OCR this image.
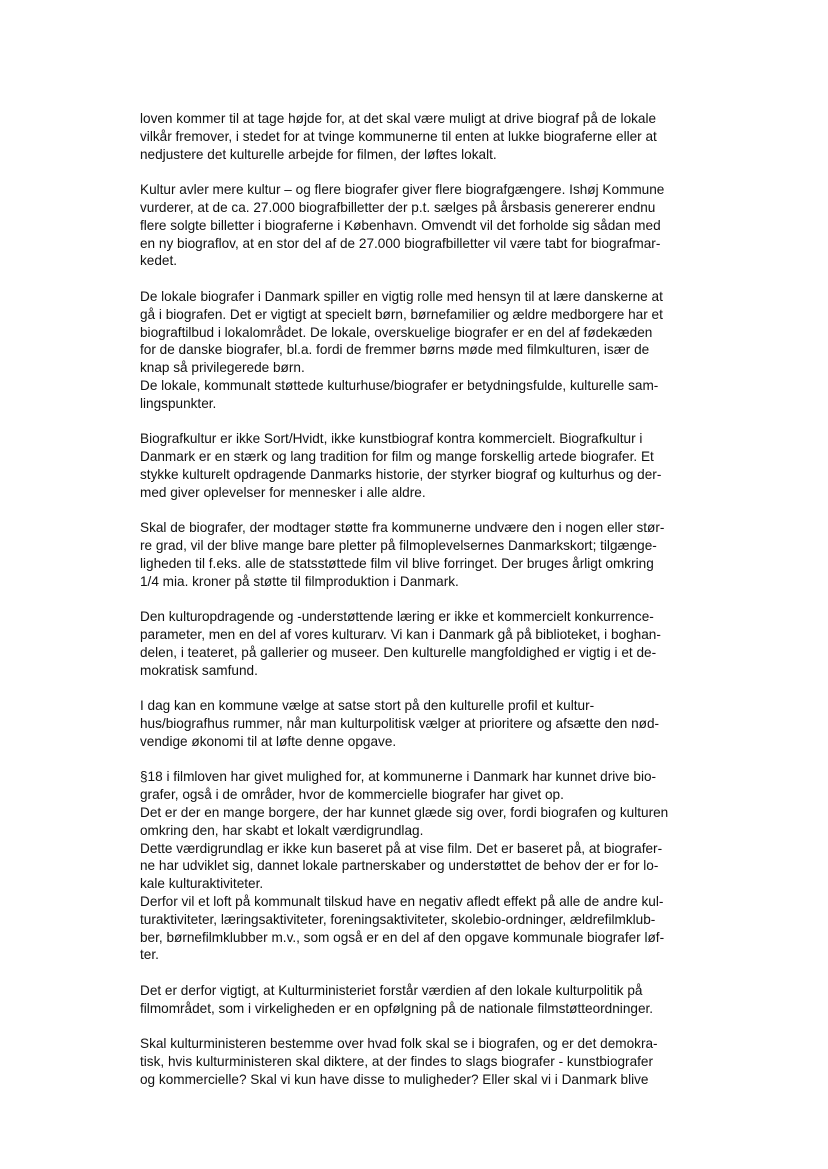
loven kommer til at tage højde for, at det skal være muligt at drive biograf på de lokale
vilkår fremover, i stedet for at tvinge kommunerne til enten at lukke biograferne eller at
nedjustere det kulturelle arbejde for filmen, der løftes lokalt.

Kultur avler mere kultur – og flere biografer giver flere biografgængere. Ishøj Kommune
vurderer, at de ca. 27.000 biografbilletter der p.t. sælges på årsbasis genererer endnu
flere solgte billetter i biograferne i København. Omvendt vil det forholde sig sådan med
en ny biograflov, at en stor del af de 27.000 biografbilletter vil være tabt for biografmar-
kedet.

De lokale biografer i Danmark spiller en vigtig rolle med hensyn til at lære danskerne at
gå i biografen. Det er vigtigt at specielt børn, børnefamilier og ældre medborgere har et
biograftilbud i lokalområdet. De lokale, overskuelige biografer er en del af fødekæden
for de danske biografer, bl.a. fordi de fremmer børns møde med filmkulturen, især de
knap så privilegerede børn.
De lokale, kommunalt støttede kulturhuse/biografer er betydningsfulde, kulturelle sam-
lingspunkter.

Biografkultur er ikke Sort/Hvidt, ikke kunstbiograf kontra kommercielt. Biografkultur i
Danmark er en stærk og lang tradition for film og mange forskellig artede biografer. Et
stykke kulturelt opdragende Danmarks historie, der styrker biograf og kulturhus og der-
med giver oplevelser for mennesker i alle aldre.

Skal de biografer, der modtager støtte fra kommunerne undvære den i nogen eller stør-
re grad, vil der blive mange bare pletter på filmoplevelsernes Danmarkskort; tilgænge-
ligheden til f.eks. alle de statsstøttede film vil blive forringet. Der bruges årligt omkring
1/4 mia. kroner på støtte til filmproduktion i Danmark.

Den kulturopdragende og -understøttende læring er ikke et kommercielt konkurrence-
parameter, men en del af vores kulturarv. Vi kan i Danmark gå på biblioteket, i boghan-
delen, i teateret, på gallerier og museer. Den kulturelle mangfoldighed er vigtig i et de-
mokratisk samfund.

I dag kan en kommune vælge at satse stort på den kulturelle profil et kultur-
hus/biografhus rummer, når man kulturpolitisk vælger at prioritere og afsætte den nød-
vendige økonomi til at løfte denne opgave.

§18 i filmloven har givet mulighed for, at kommunerne i Danmark har kunnet drive bio-
grafer, også i de områder, hvor de kommercielle biografer har givet op.
Det er der en mange borgere, der har kunnet glæde sig over, fordi biografen og kulturen
omkring den, har skabt et lokalt værdigrundlag.
Dette værdigrundlag er ikke kun baseret på at vise film. Det er baseret på, at biografer-
ne har udviklet sig, dannet lokale partnerskaber og understøttet de behov der er for lo-
kale kulturaktiviteter.
Derfor vil et loft på kommunalt tilskud have en negativ afledt effekt på alle de andre kul-
turaktiviteter, læringsaktiviteter, foreningsaktiviteter, skolebio-ordninger, ældrefilmklub-
ber, børnefilmklubber m.v., som også er en del af den opgave kommunale biografer løf-
ter.

Det er derfor vigtigt, at Kulturministeriet forstår værdien af den lokale kulturpolitik på
filmområdet, som i virkeligheden er en opfølgning på de nationale filmstøtteordninger.

Skal kulturministeren bestemme over hvad folk skal se i biografen, og er det demokra-
tisk, hvis kulturministeren skal diktere, at der findes to slags biografer - kunstbiografer
og kommercielle? Skal vi kun have disse to muligheder? Eller skal vi i Danmark blive
